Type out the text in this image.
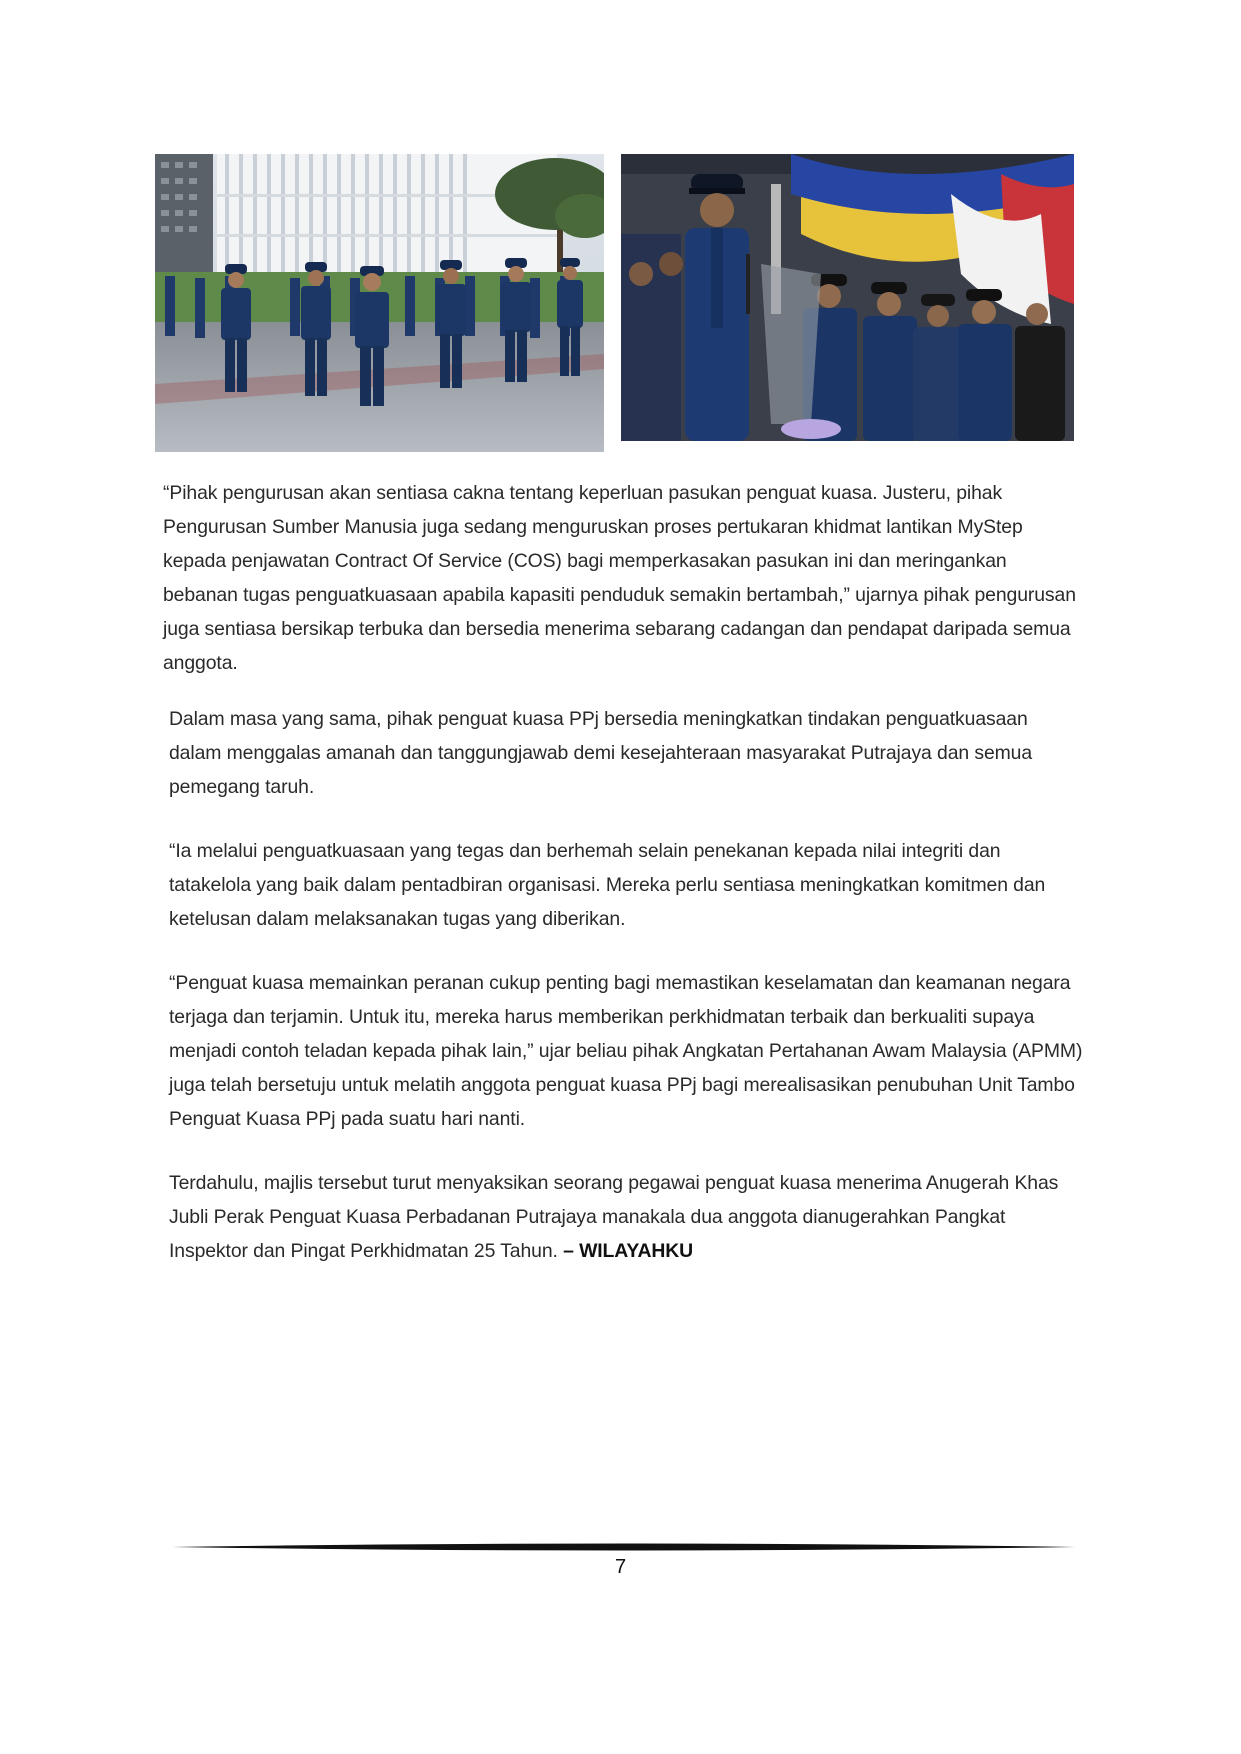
“Pihak pengurusan akan sentiasa cakna tentang keperluan pasukan penguat kuasa. Justeru, pihak Pengurusan Sumber Manusia juga sedang menguruskan proses pertukaran khidmat lantikan MyStep kepada penjawatan Contract Of Service (COS) bagi memperkasakan pasukan ini dan meringankan bebanan tugas penguatkuasaan apabila kapasiti penduduk semakin bertambah,” ujarnya pihak pengurusan juga sentiasa bersikap terbuka dan bersedia menerima sebarang cadangan dan pendapat daripada semua anggota.

Dalam masa yang sama, pihak penguat kuasa PPj bersedia meningkatkan tindakan penguatkuasaan dalam menggalas amanah dan tanggungjawab demi kesejahteraan masyarakat Putrajaya dan semua pemegang taruh.

“Ia melalui penguatkuasaan yang tegas dan berhemah selain penekanan kepada nilai integriti dan tatakelola yang baik dalam pentadbiran organisasi. Mereka perlu sentiasa meningkatkan komitmen dan ketelusan dalam melaksanakan tugas yang diberikan.

“Penguat kuasa memainkan peranan cukup penting bagi memastikan keselamatan dan keamanan negara terjaga dan terjamin. Untuk itu, mereka harus memberikan perkhidmatan terbaik dan berkualiti supaya menjadi contoh teladan kepada pihak lain,” ujar beliau pihak Angkatan Pertahanan Awam Malaysia (APMM) juga telah bersetuju untuk melatih anggota penguat kuasa PPj bagi merealisasikan penubuhan Unit Tambo Penguat Kuasa PPj pada suatu hari nanti.

Terdahulu, majlis tersebut turut menyaksikan seorang pegawai penguat kuasa menerima Anugerah Khas Jubli Perak Penguat Kuasa Perbadanan Putrajaya manakala dua anggota dianugerahkan Pangkat Inspektor dan Pingat Perkhidmatan 25 Tahun. – WILAYAHKU

7
